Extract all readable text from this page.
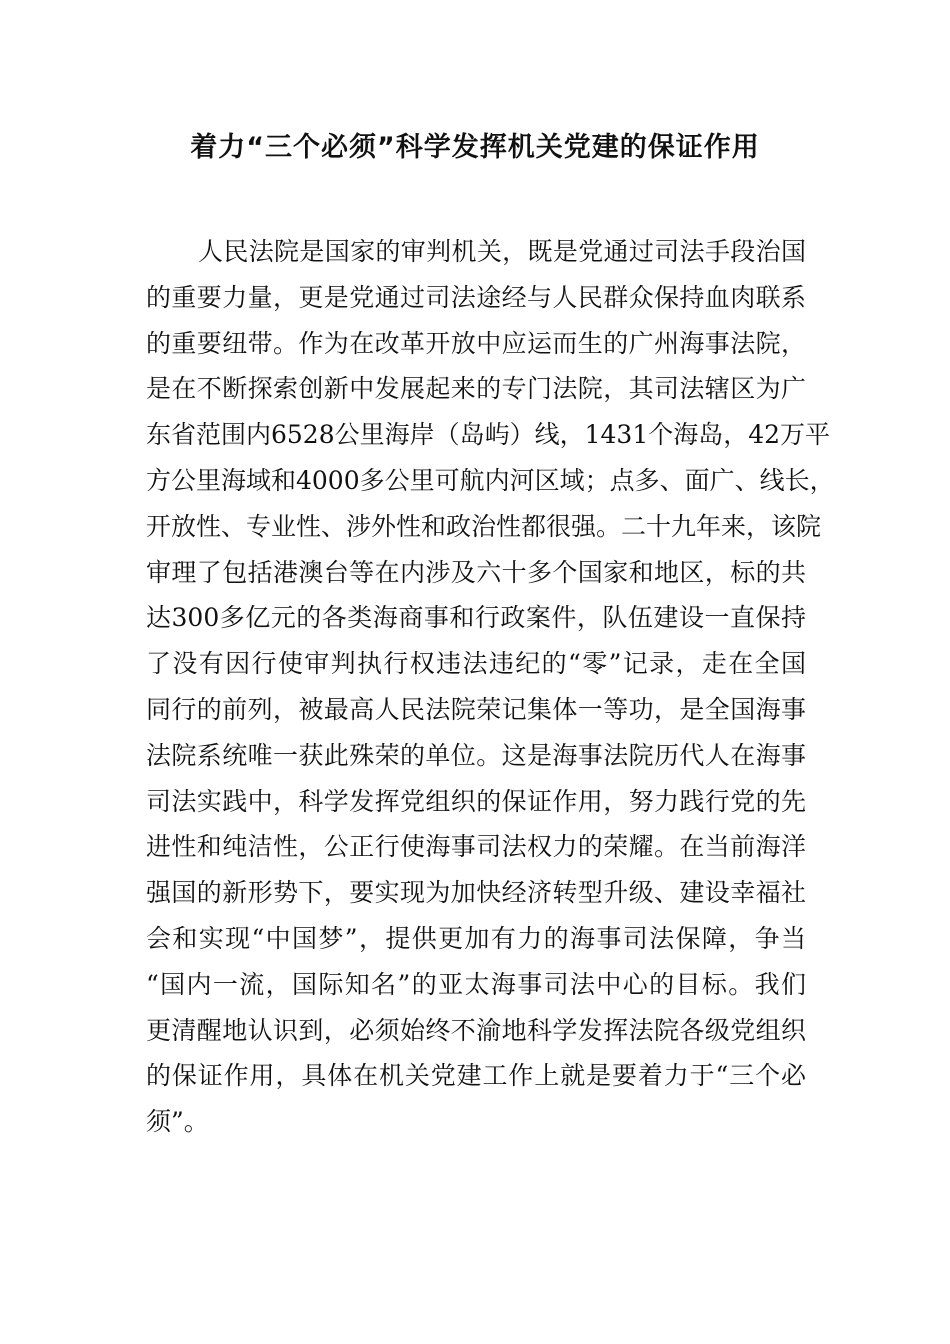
着力“三个必须”科学发挥机关党建的保证作用
人民法院是国家的审判机关，既是党通过司法手段治国
的重要力量，更是党通过司法途经与人民群众保持血肉联系
的重要纽带。作为在改革开放中应运而生的广州海事法院，
是在不断探索创新中发展起来的专门法院，其司法辖区为广
东省范围内6528公里海岸（岛屿）线，1431个海岛，42万平
方公里海域和4000多公里可航内河区域；点多、面广、线长，
开放性、专业性、涉外性和政治性都很强。二十九年来，该院
审理了包括港澳台等在内涉及六十多个国家和地区，标的共
达300多亿元的各类海商事和行政案件，队伍建设一直保持
了没有因行使审判执行权违法违纪的“零”记录，走在全国
同行的前列，被最高人民法院荣记集体一等功，是全国海事
法院系统唯一获此殊荣的单位。这是海事法院历代人在海事
司法实践中，科学发挥党组织的保证作用，努力践行党的先
进性和纯洁性，公正行使海事司法权力的荣耀。在当前海洋
强国的新形势下，要实现为加快经济转型升级、建设幸福社
会和实现“中国梦”，提供更加有力的海事司法保障，争当
“国内一流，国际知名”的亚太海事司法中心的目标。我们
更清醒地认识到，必须始终不渝地科学发挥法院各级党组织
的保证作用，具体在机关党建工作上就是要着力于“三个必
须”。
